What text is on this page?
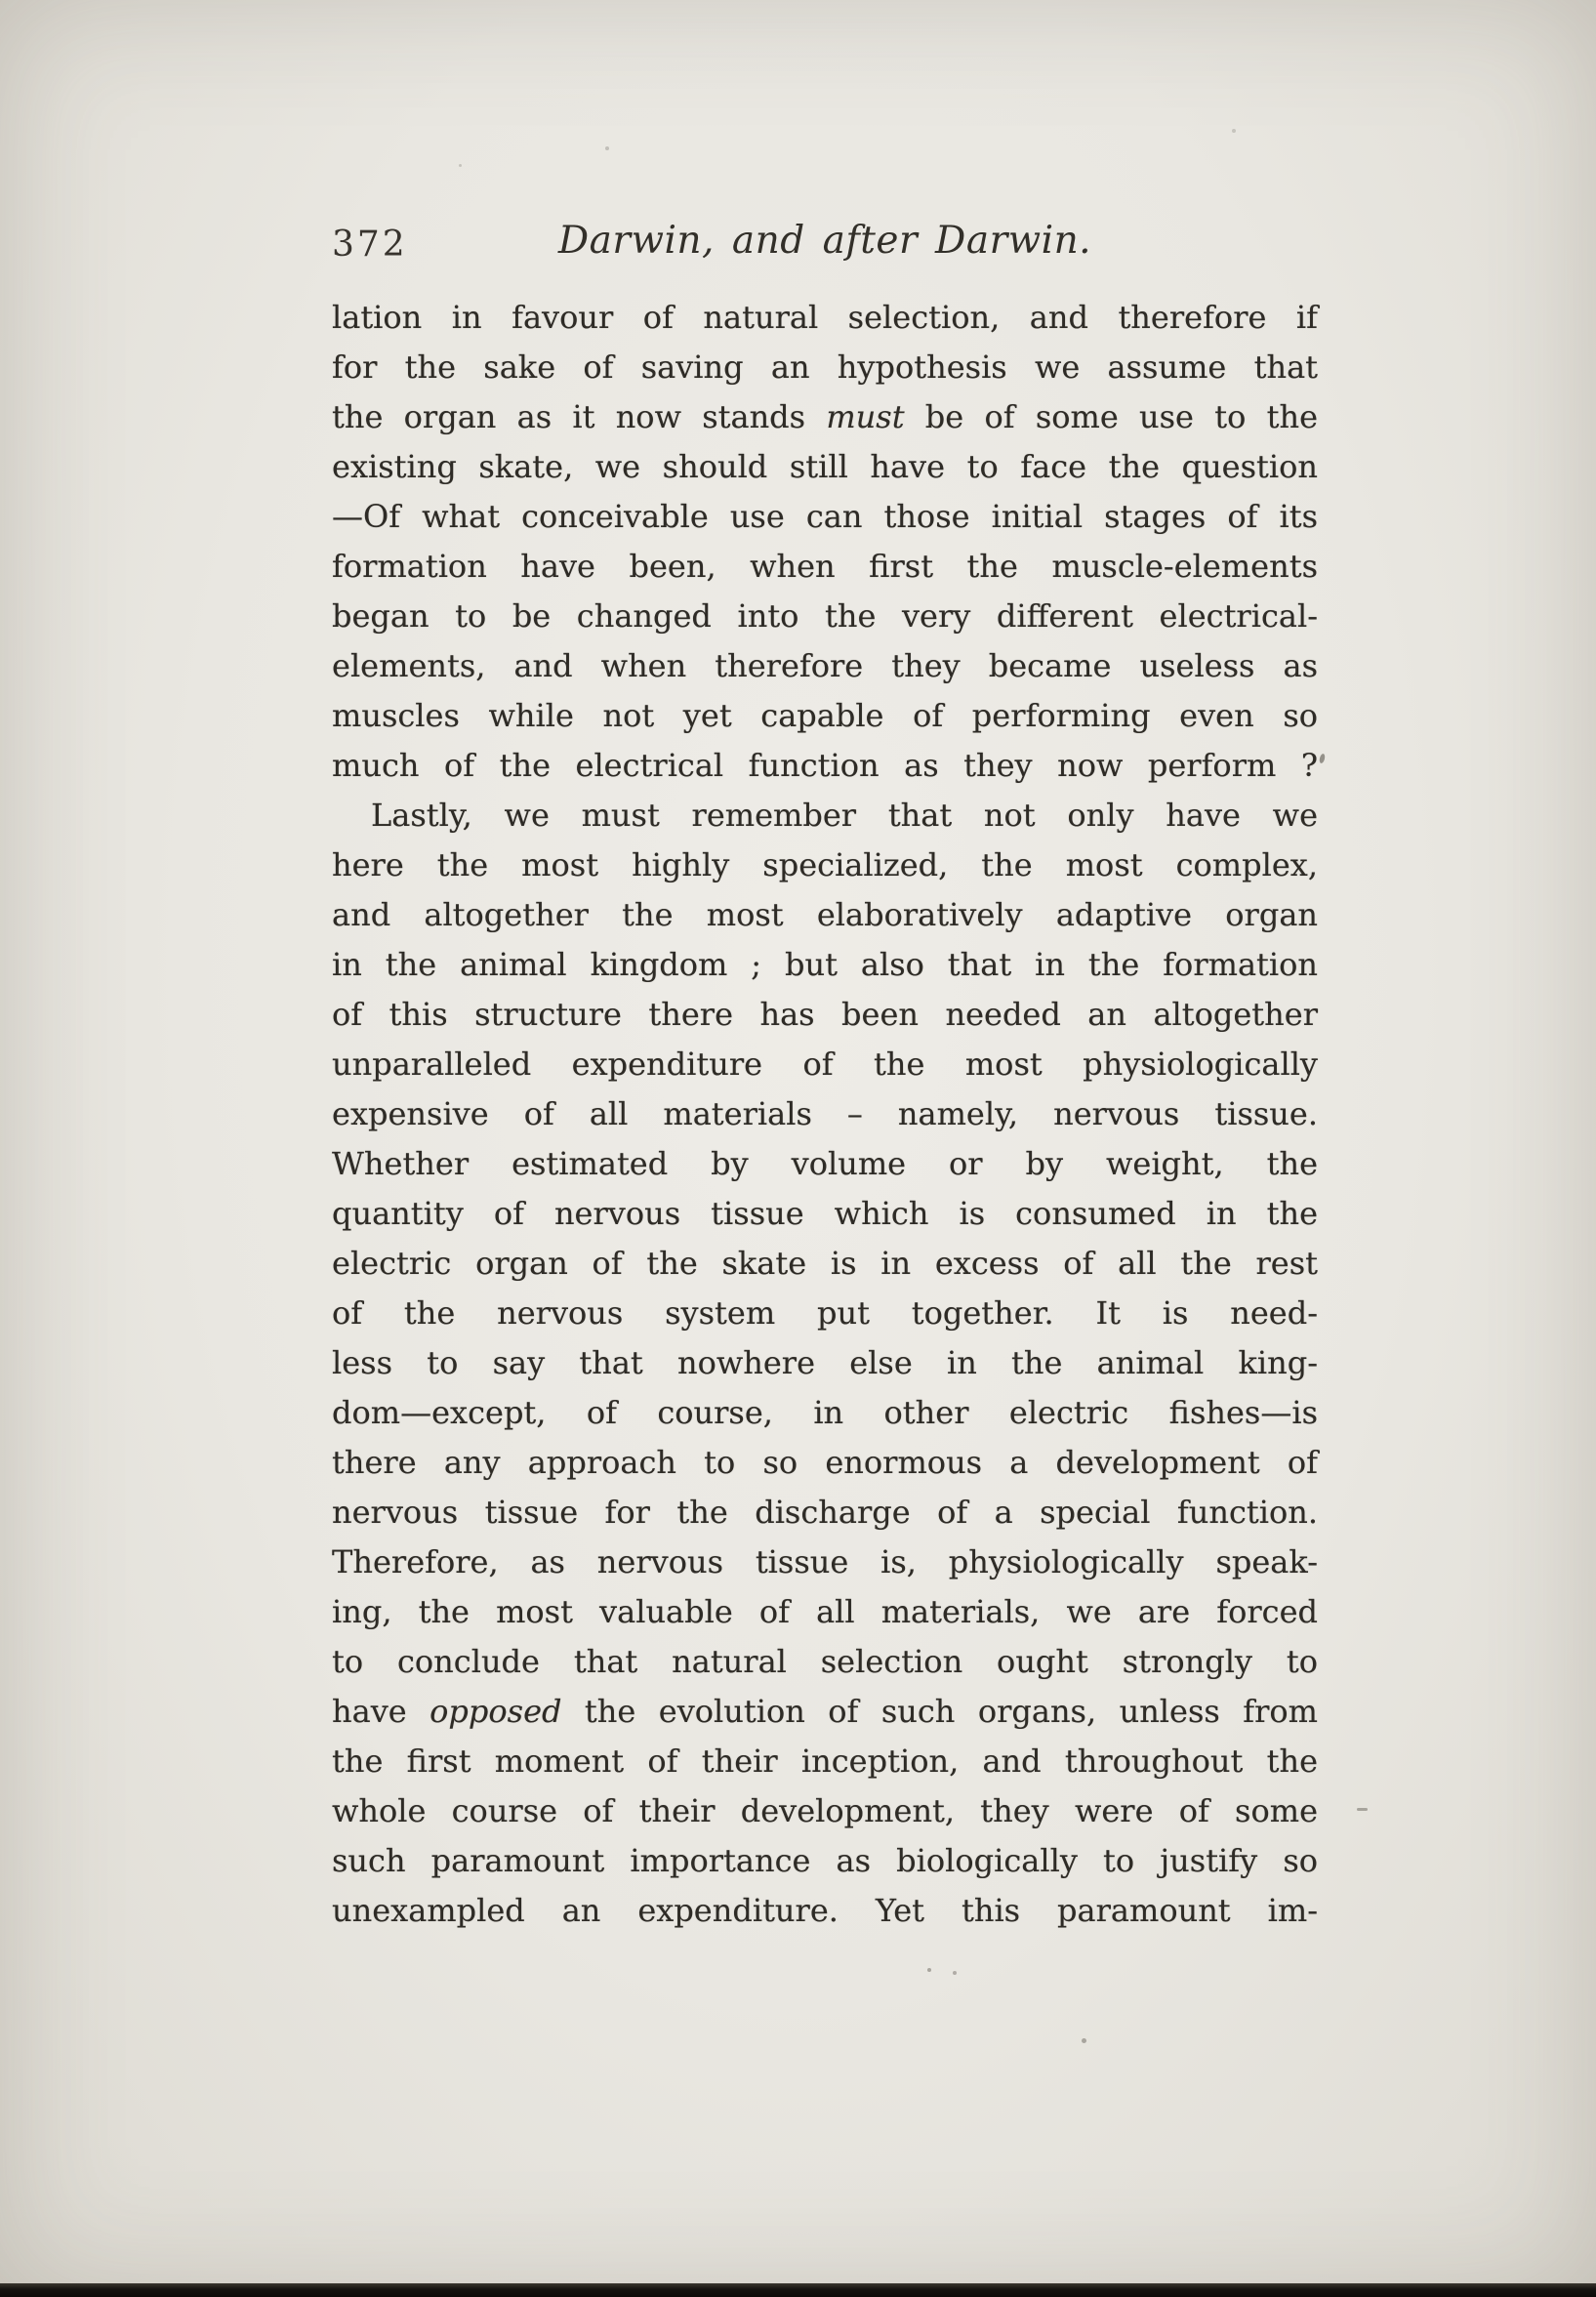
372	Darwin, and after Darwin.
lation in favour of natural selection, and therefore if
for the sake of saving an hypothesis we assume that
the organ as it now stands must be of some use to the
existing skate, we should still have to face the question
—Of what conceivable use can those initial stages of its
formation have been, when first the muscle-elements
began to be changed into the very different electrical-
elements, and when therefore they became useless as
muscles while not yet capable of performing even so
much of the electrical function as they now perform ?
Lastly, we must remember that not only have we
here the most highly specialized, the most complex,
and altogether the most elaboratively adaptive organ
in the animal kingdom ; but also that in the formation
of this structure there has been needed an altogether
unparalleled expenditure of the most physiologically
expensive of all materials – namely, nervous tissue.
Whether estimated by volume or by weight, the
quantity of nervous tissue which is consumed in the
electric organ of the skate is in excess of all the rest
of the nervous system put together. It is need-
less to say that nowhere else in the animal king-
dom—except, of course, in other electric fishes—is
there any approach to so enormous a development of
nervous tissue for the discharge of a special function.
Therefore, as nervous tissue is, physiologically speak-
ing, the most valuable of all materials, we are forced
to conclude that natural selection ought strongly to
have opposed the evolution of such organs, unless from
the first moment of their inception, and throughout the
whole course of their development, they were of some
such paramount importance as biologically to justify so
unexampled an expenditure. Yet this paramount im-
